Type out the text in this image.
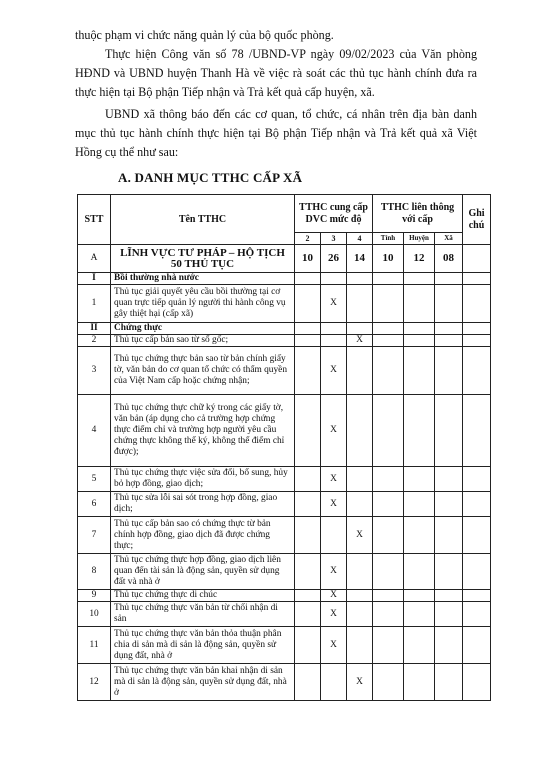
thuộc phạm vi chức năng quản lý của bộ quốc phòng.
Thực hiện Công văn số 78 /UBND-VP ngày 09/02/2023 của Văn phòng HĐND và UBND huyện Thanh Hà về việc rà soát các thủ tục hành chính đưa ra thực hiện tại Bộ phận Tiếp nhận và Trả kết quả cấp huyện, xã.
UBND xã thông báo đến các cơ quan, tổ chức, cá nhân trên địa bàn danh mục thủ tục hành chính thực hiện tại Bộ phận Tiếp nhận và Trả kết quả xã Việt Hồng cụ thể như sau:
A. DANH MỤC TTHC CẤP XÃ
STT	Tên TTHC	TTHC cung cấp DVC mức độ			TTHC liên thông với cấp			Ghi chú
		2	3	4	Tỉnh	Huyện	Xã	
A	LĨNH VỰC TƯ PHÁP – HỘ TỊCH 50 THỦ TỤC	10	26	14	10	12	08	
I	Bồi thường nhà nước							
1	Thủ tục giải quyết yêu cầu bồi thường tại cơ quan trực tiếp quản lý người thi hành công vụ gây thiệt hại (cấp xã)		X					
II	Chứng thực							
2	Thủ tục cấp bản sao từ sổ gốc;			X				
3	Thủ tục chứng thực bản sao từ bản chính giấy tờ, văn bản do cơ quan tổ chức có thẩm quyền của Việt Nam cấp hoặc chứng nhận;		X					
4	Thủ tục chứng thực chữ ký trong các giấy tờ, văn bản (áp dụng cho cả trường hợp chứng thực điểm chỉ và trường hợp người yêu cầu chứng thực không thể ký, không thể điểm chỉ được);		X					
5	Thủ tục chứng thực việc sửa đổi, bổ sung, hủy bỏ hợp đồng, giao dịch;		X					
6	Thủ tục sửa lỗi sai sót trong hợp đồng, giao dịch;		X					
7	Thủ tục cấp bản sao có chứng thực từ bản chính hợp đồng, giao dịch đã được chứng thực;			X				
8	Thủ tục chứng thực hợp đồng, giao dịch liên quan đến tài sản là động sản, quyền sử dụng đất và nhà ở		X					
9	Thủ tục chứng thực di chúc		X					
10	Thủ tục chứng thực văn bản từ chối nhận di sản		X					
11	Thủ tục chứng thực văn bản thỏa thuận phân chia di sản mà di sản là động sản, quyền sử dụng đất, nhà ở		X					
12	Thủ tục chứng thực văn bản khai nhận di sản mà di sản là động sản, quyền sử dụng đất, nhà ở			X				
